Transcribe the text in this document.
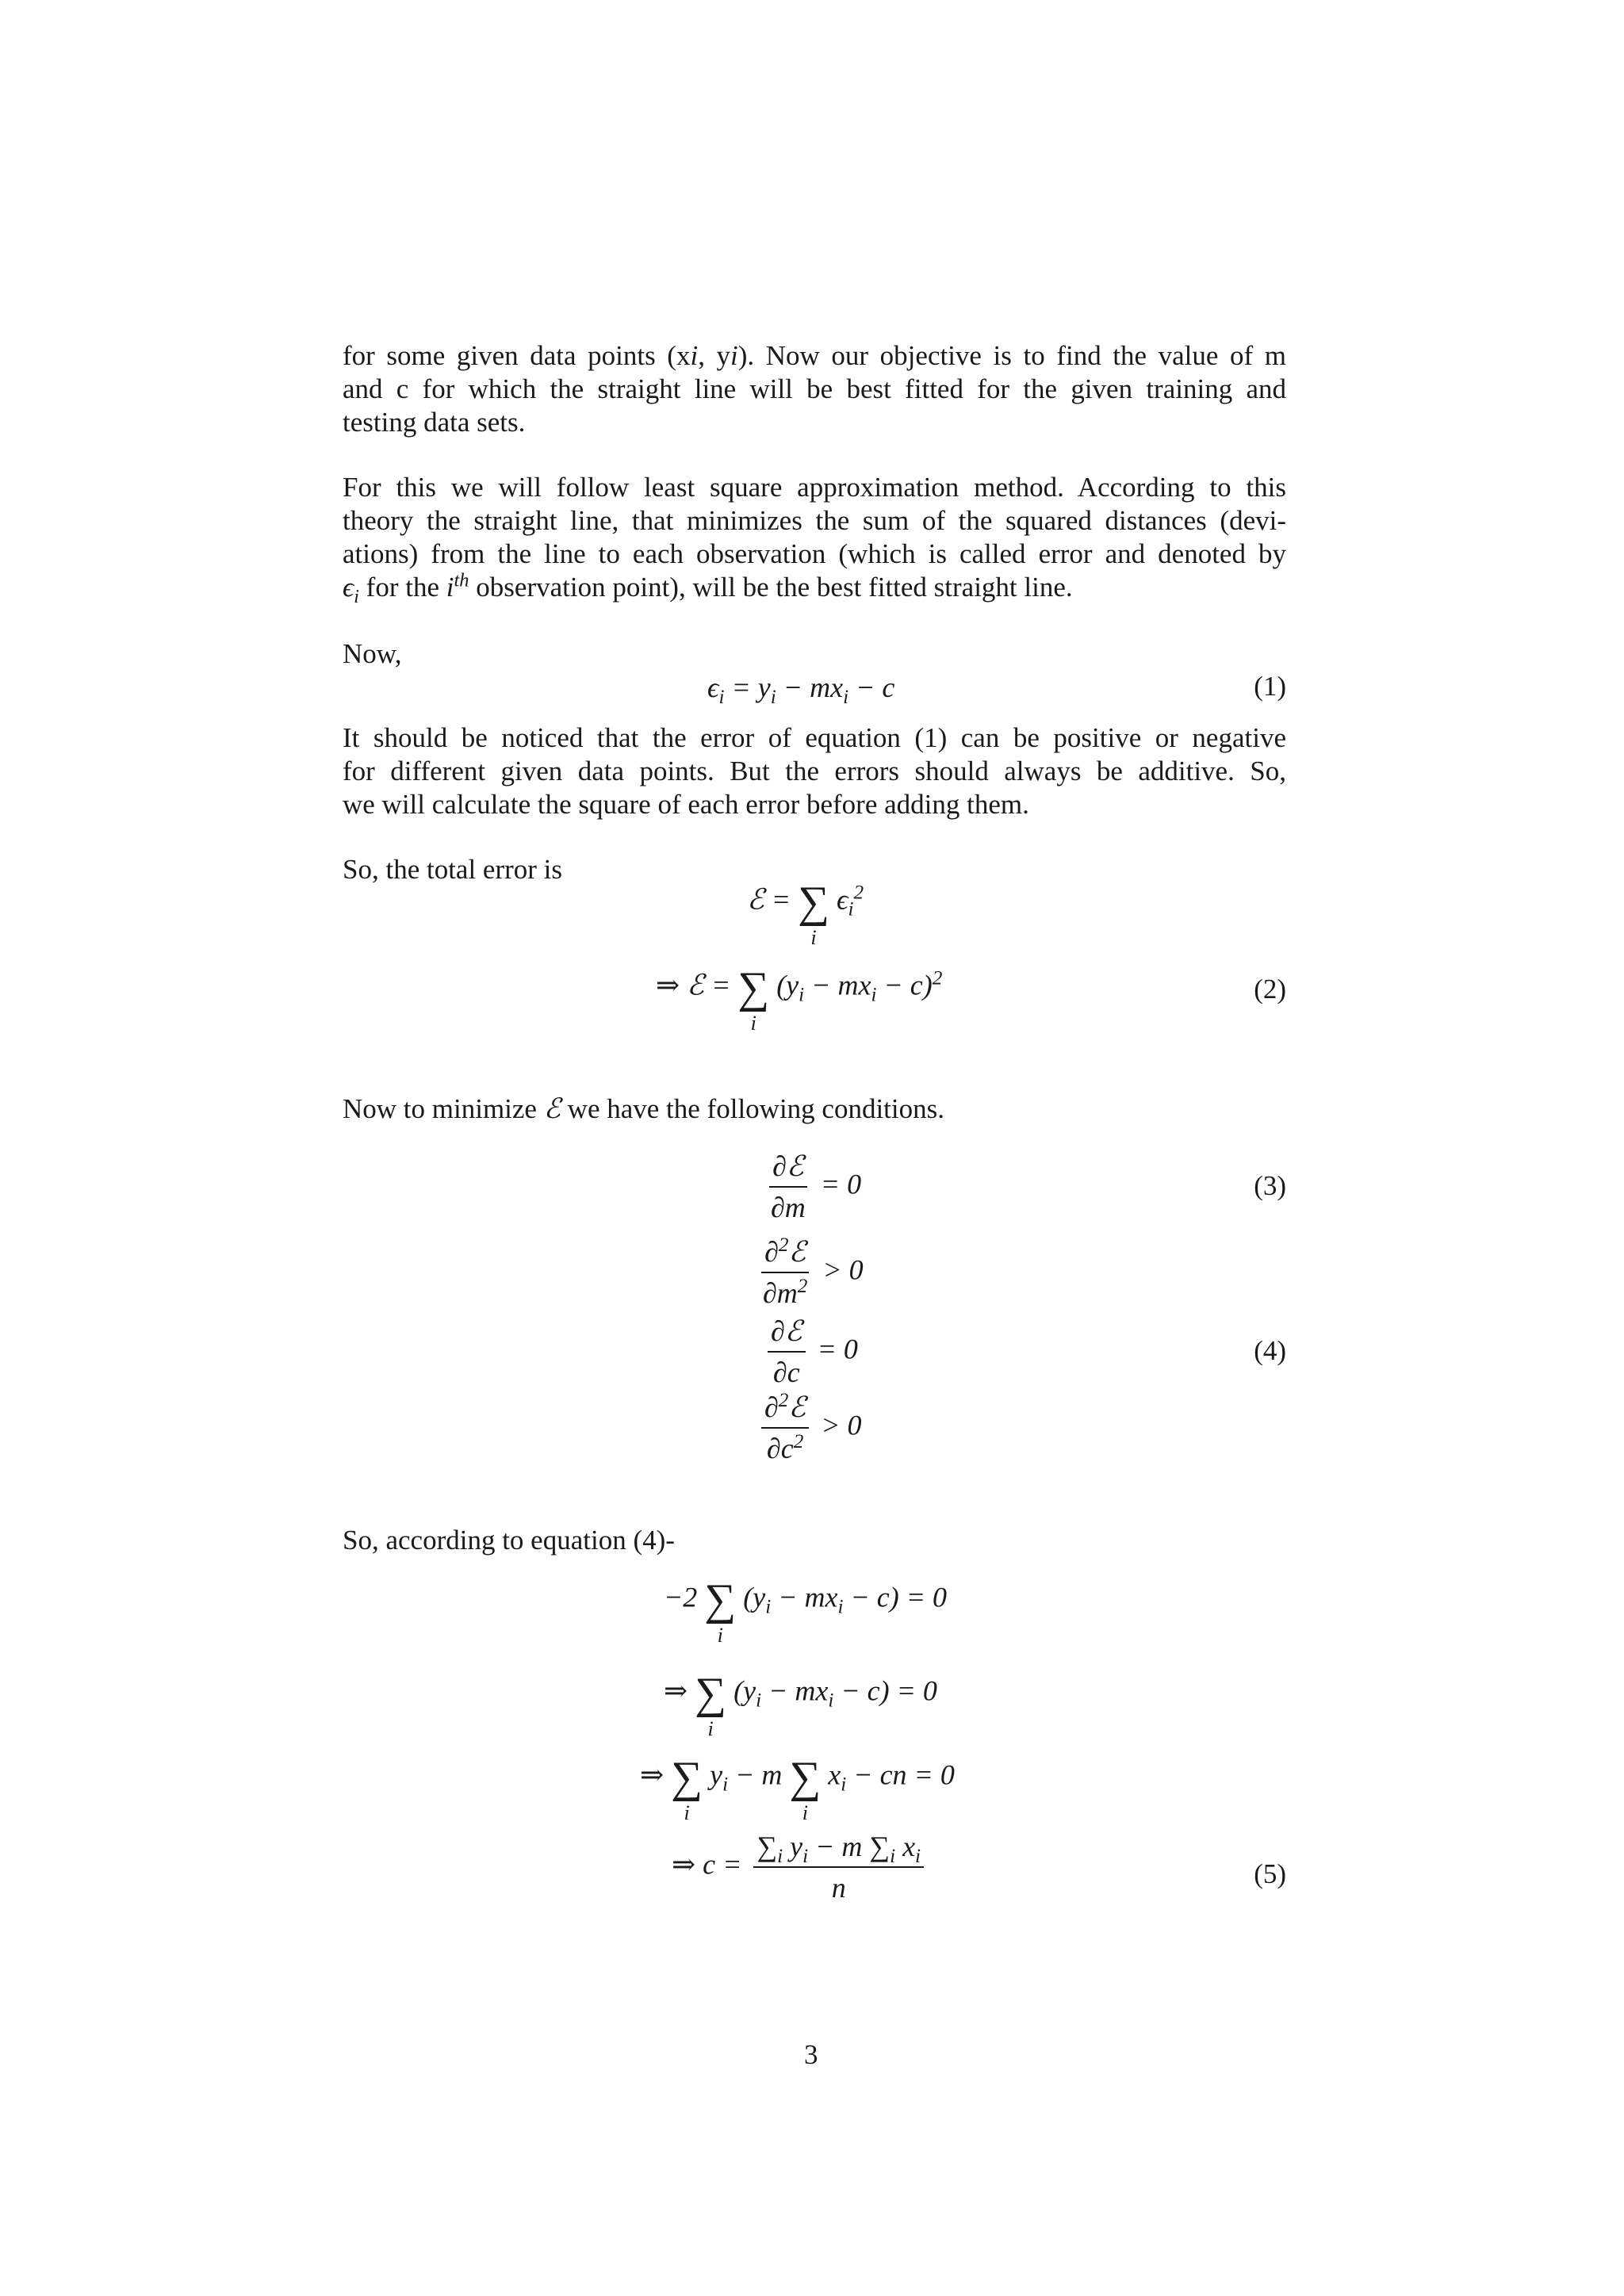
for some given data points (xi, yi). Now our objective is to find the value of m
and c for which the straight line will be best fitted for the given training and
testing data sets.
For this we will follow least square approximation method. According to this
theory the straight line, that minimizes the sum of the squared distances (devi-
ations) from the line to each observation (which is called error and denoted by
$\epsilon_i$ for the $i^{th}$ observation point), will be the best fitted straight line.
Now,
$\epsilon_i = y_i - mx_i - c$	(1)
It should be noticed that the error of equation (1) can be positive or negative
for different given data points. But the errors should always be additive. So,
we will calculate the square of each error before adding them.
So, the total error is
ℰ = ∑
i
$\epsilon_i^2$
⇒ ℰ = ∑
i
$(y_i - mx_i - c)^2$	(2)
Now to minimize ℰ we have the following conditions.
$\frac{\text{∂ℰ}}{\partial m} = 0$	(3)
$\frac{\partial^2ℰ}{\partial m^2} > 0$
$\frac{\text{∂ℰ}}{\partial c} = 0$	(4)
$\frac{\partial^2ℰ}{\partial c^2} > 0$
So, according to equation (4)-
−2 ∑
i
$(y_i - mx_i - c) = 0$
⇒ ∑
i
$(y_i - mx_i - c) = 0$
⇒ ∑
i
$y_i - m$ ∑
i
$x_i$ − cn = 0
⇒ $c = \frac{\sum_i y_i - m \sum_i x_i}{n}$	(5)
3
